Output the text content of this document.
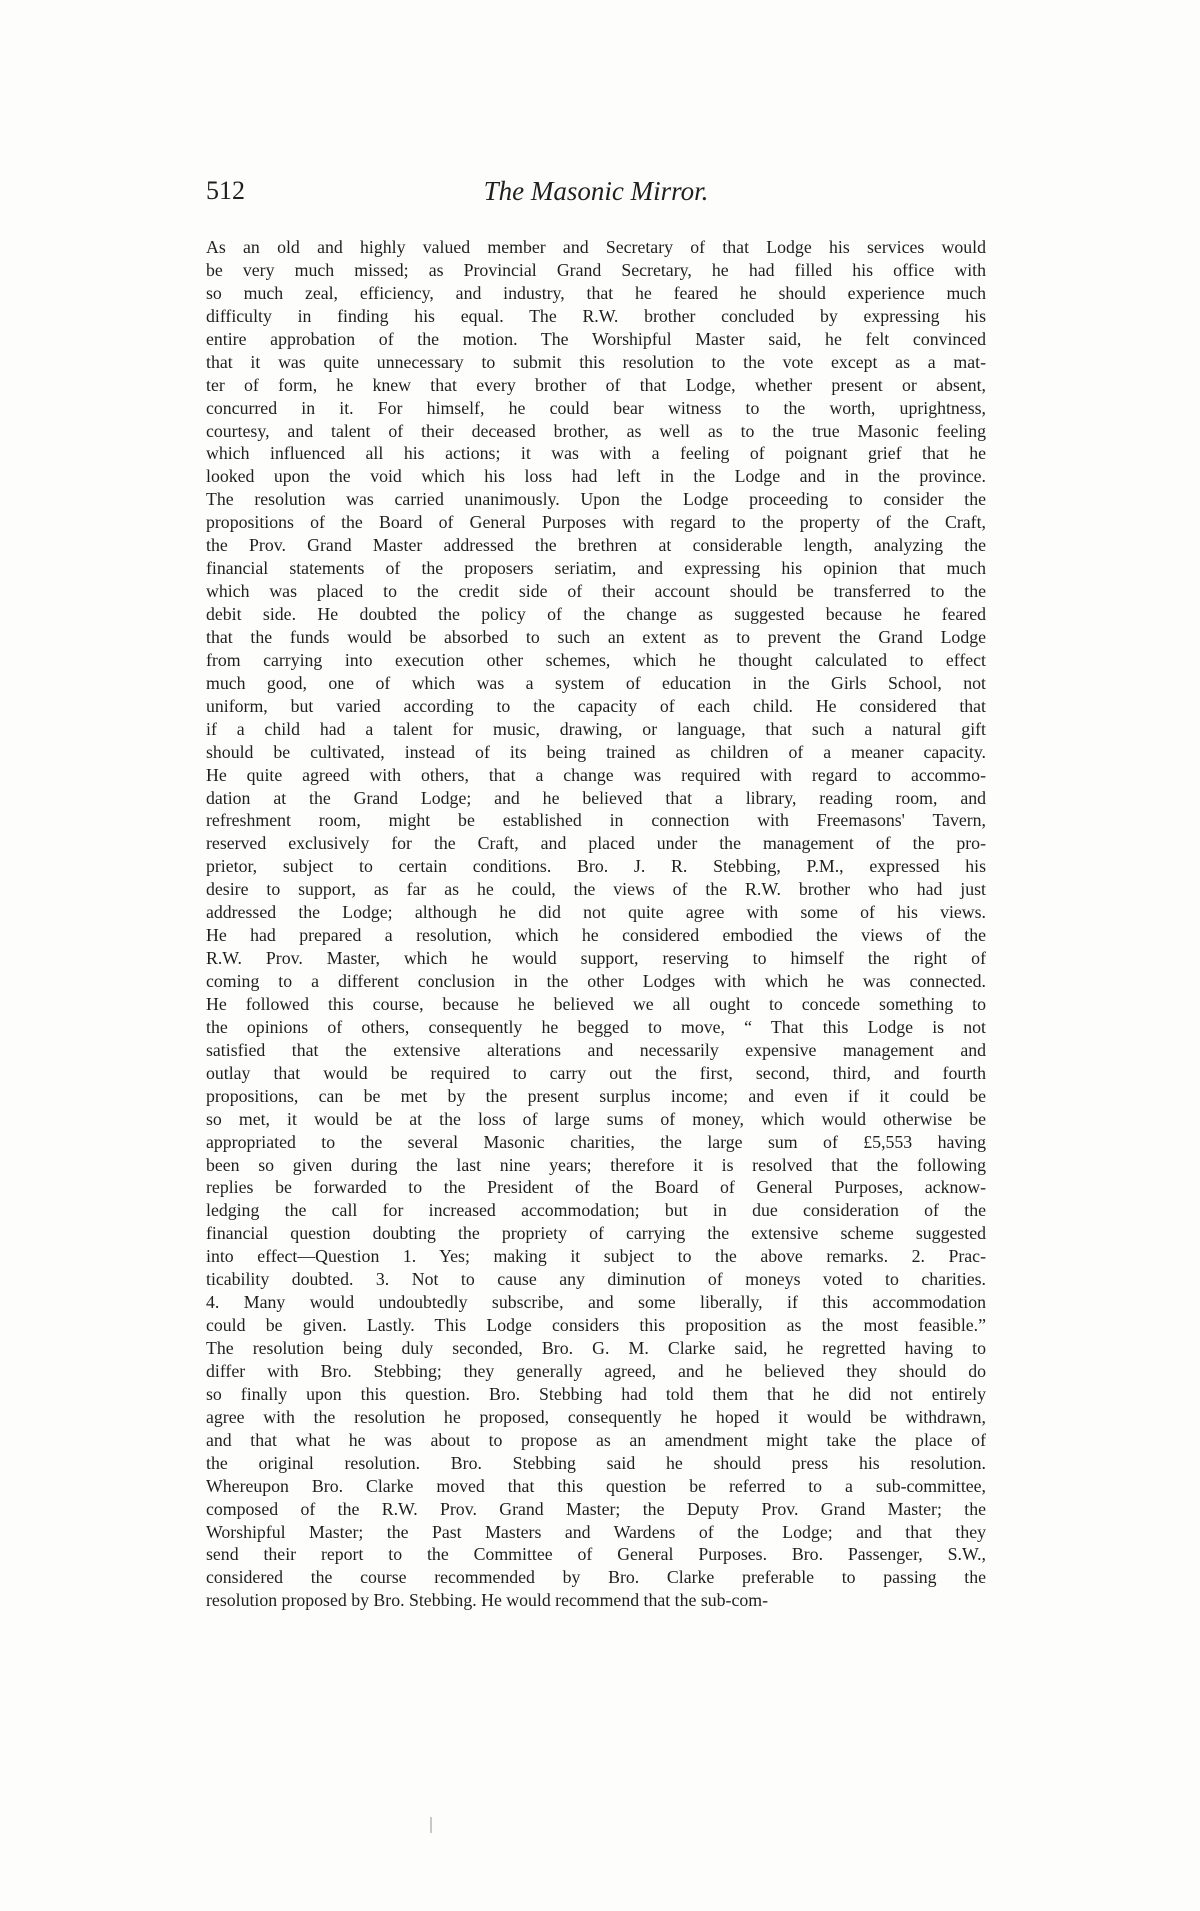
512	The Masonic Mirror.
As an old and highly valued member and Secretary of that Lodge his services would
be very much missed; as Provincial Grand Secretary, he had filled his office with
so much zeal, efficiency, and industry, that he feared he should experience much
difficulty in finding his equal. The R.W. brother concluded by expressing his
entire approbation of the motion. The Worshipful Master said, he felt convinced
that it was quite unnecessary to submit this resolution to the vote except as a mat-
ter of form, he knew that every brother of that Lodge, whether present or absent,
concurred in it. For himself, he could bear witness to the worth, uprightness,
courtesy, and talent of their deceased brother, as well as to the true Masonic feeling
which influenced all his actions; it was with a feeling of poignant grief that he
looked upon the void which his loss had left in the Lodge and in the province.
The resolution was carried unanimously. Upon the Lodge proceeding to consider the
propositions of the Board of General Purposes with regard to the property of the Craft,
the Prov. Grand Master addressed the brethren at considerable length, analyzing the
financial statements of the proposers seriatim, and expressing his opinion that much
which was placed to the credit side of their account should be transferred to the
debit side. He doubted the policy of the change as suggested because he feared
that the funds would be absorbed to such an extent as to prevent the Grand Lodge
from carrying into execution other schemes, which he thought calculated to effect
much good, one of which was a system of education in the Girls School, not
uniform, but varied according to the capacity of each child. He considered that
if a child had a talent for music, drawing, or language, that such a natural gift
should be cultivated, instead of its being trained as children of a meaner capacity.
He quite agreed with others, that a change was required with regard to accommo-
dation at the Grand Lodge; and he believed that a library, reading room, and
refreshment room, might be established in connection with Freemasons' Tavern,
reserved exclusively for the Craft, and placed under the management of the pro-
prietor, subject to certain conditions. Bro. J. R. Stebbing, P.M., expressed his
desire to support, as far as he could, the views of the R.W. brother who had just
addressed the Lodge; although he did not quite agree with some of his views.
He had prepared a resolution, which he considered embodied the views of the
R.W. Prov. Master, which he would support, reserving to himself the right of
coming to a different conclusion in the other Lodges with which he was connected.
He followed this course, because he believed we all ought to concede something to
the opinions of others, consequently he begged to move, “ That this Lodge is not
satisfied that the extensive alterations and necessarily expensive management and
outlay that would be required to carry out the first, second, third, and fourth
propositions, can be met by the present surplus income; and even if it could be
so met, it would be at the loss of large sums of money, which would otherwise be
appropriated to the several Masonic charities, the large sum of £5,553 having
been so given during the last nine years; therefore it is resolved that the following
replies be forwarded to the President of the Board of General Purposes, acknow-
ledging the call for increased accommodation; but in due consideration of the
financial question doubting the propriety of carrying the extensive scheme suggested
into effect—Question 1. Yes; making it subject to the above remarks. 2. Prac-
ticability doubted. 3. Not to cause any diminution of moneys voted to charities.
4. Many would undoubtedly subscribe, and some liberally, if this accommodation
could be given. Lastly. This Lodge considers this proposition as the most feasible.”
The resolution being duly seconded, Bro. G. M. Clarke said, he regretted having to
differ with Bro. Stebbing; they generally agreed, and he believed they should do
so finally upon this question. Bro. Stebbing had told them that he did not entirely
agree with the resolution he proposed, consequently he hoped it would be withdrawn,
and that what he was about to propose as an amendment might take the place of
the original resolution. Bro. Stebbing said he should press his resolution.
Whereupon Bro. Clarke moved that this question be referred to a sub-committee,
composed of the R.W. Prov. Grand Master; the Deputy Prov. Grand Master; the
Worshipful Master; the Past Masters and Wardens of the Lodge; and that they
send their report to the Committee of General Purposes. Bro. Passenger, S.W.,
considered the course recommended by Bro. Clarke preferable to passing the
resolution proposed by Bro. Stebbing. He would recommend that the sub-com-
